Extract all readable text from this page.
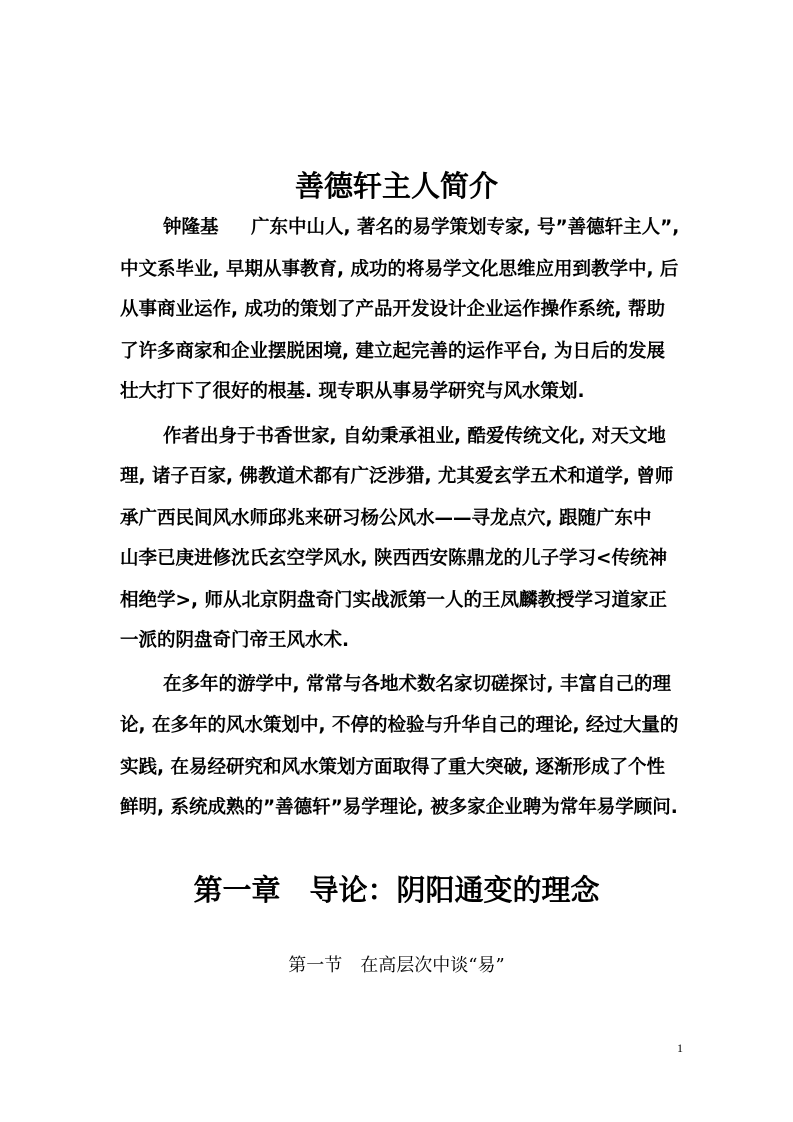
善德轩主人简介
钟隆基 广东中山人, 著名的易学策划专家, 号”善德轩主人”,
中文系毕业, 早期从事教育, 成功的将易学文化思维应用到教学中, 后
从事商业运作, 成功的策划了产品开发设计企业运作操作系统, 帮助
了许多商家和企业摆脱困境, 建立起完善的运作平台, 为日后的发展
壮大打下了很好的根基. 现专职从事易学研究与风水策划.
作者出身于书香世家, 自幼秉承祖业, 酷爱传统文化, 对天文地
理, 诸子百家, 佛教道术都有广泛涉猎, 尤其爱玄学五术和道学, 曾师
承广西民间风水师邱兆来研习杨公风水——寻龙点穴, 跟随广东中
山李已庚进修沈氏玄空学风水, 陕西西安陈鼎龙的儿子学习<传统神
相绝学>, 师从北京阴盘奇门实战派第一人的王凤麟教授学习道家正
一派的阴盘奇门帝王风水术.
在多年的游学中, 常常与各地术数名家切磋探讨, 丰富自己的理
论, 在多年的风水策划中, 不停的检验与升华自己的理论, 经过大量的
实践, 在易经研究和风水策划方面取得了重大突破, 逐渐形成了个性
鲜明, 系统成熟的”善德轩”易学理论, 被多家企业聘为常年易学顾问.
第一章　导论：阴阳通变的理念
第一节　在高层次中谈“易”
1
